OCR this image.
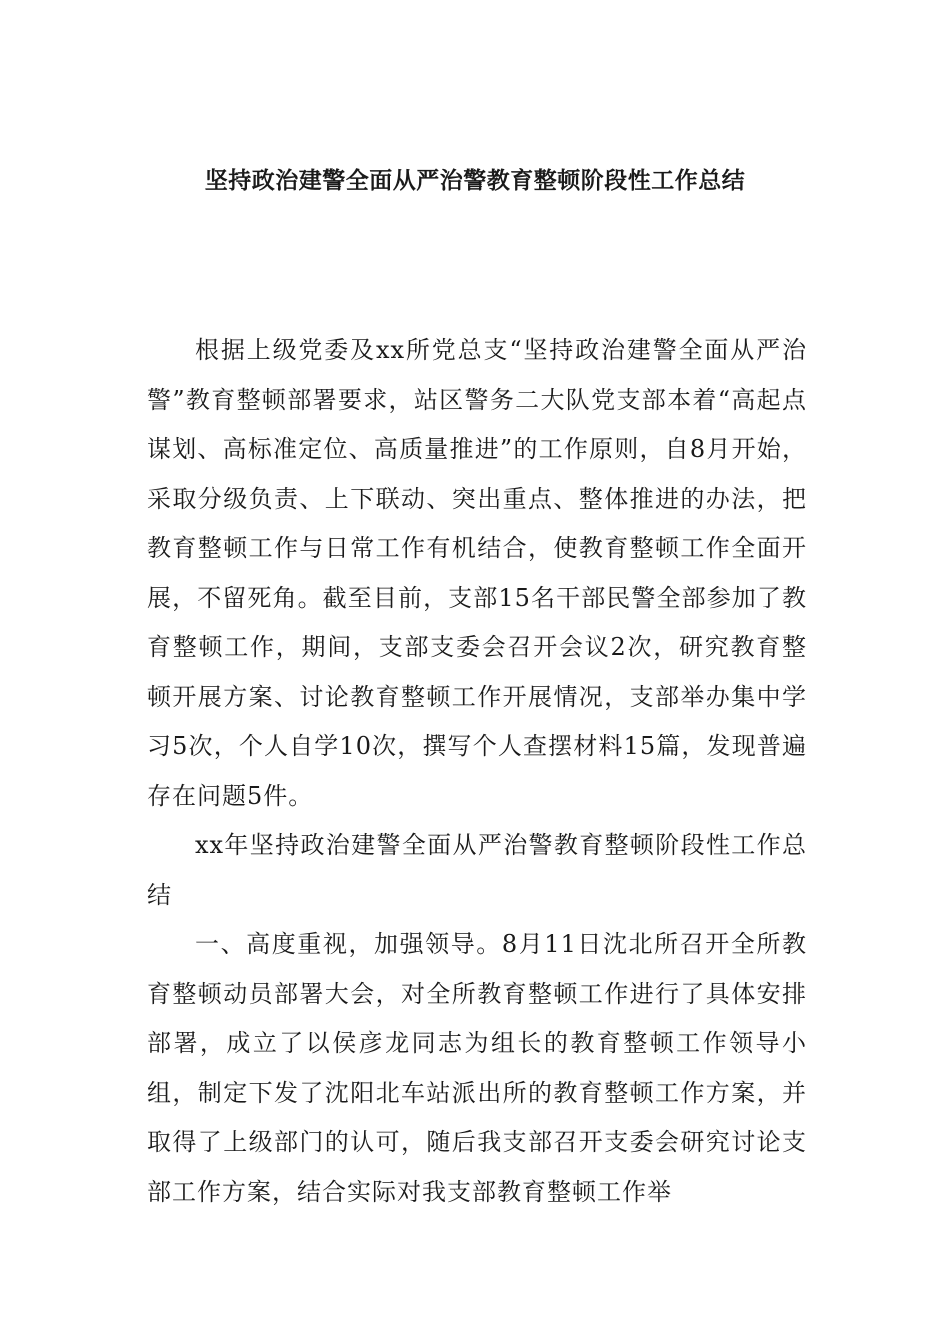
坚持政治建警全面从严治警教育整顿阶段性工作总结

根据上级党委及xx所党总支“坚持政治建警全面从严治警”教育整顿部署要求，站区警务二大队党支部本着“高起点谋划、高标准定位、高质量推进”的工作原则，自8月开始，采取分级负责、上下联动、突出重点、整体推进的办法，把教育整顿工作与日常工作有机结合，使教育整顿工作全面开展，不留死角。截至目前，支部15名干部民警全部参加了教育整顿工作，期间，支部支委会召开会议2次，研究教育整顿开展方案、讨论教育整顿工作开展情况，支部举办集中学习5次，个人自学10次，撰写个人查摆材料15篇，发现普遍存在问题5件。

xx年坚持政治建警全面从严治警教育整顿阶段性工作总结

一、高度重视，加强领导。8月11日沈北所召开全所教育整顿动员部署大会，对全所教育整顿工作进行了具体安排部署，成立了以侯彦龙同志为组长的教育整顿工作领导小组，制定下发了沈阳北车站派出所的教育整顿工作方案，并取得了上级部门的认可，随后我支部召开支委会研究讨论支部工作方案，结合实际对我支部教育整顿工作举
